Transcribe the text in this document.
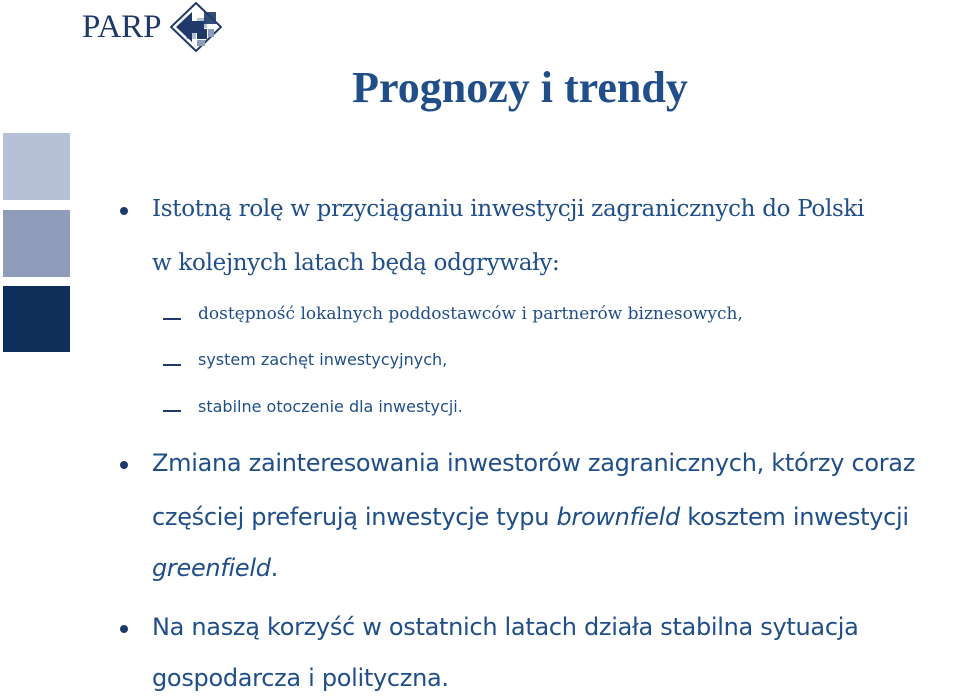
PARP
Prognozy i trendy
Istotną rolę w przyciąganiu inwestycji zagranicznych do Polski
w kolejnych latach będą odgrywały:
dostępność lokalnych poddostawców i partnerów biznesowych,
system zachęt inwestycyjnych,
stabilne otoczenie dla inwestycji.
Zmiana zainteresowania inwestorów zagranicznych, którzy coraz
częściej preferują inwestycje typu brownfield kosztem inwestycji
greenfield.
Na naszą korzyść w ostatnich latach działa stabilna sytuacja
gospodarcza i polityczna.
